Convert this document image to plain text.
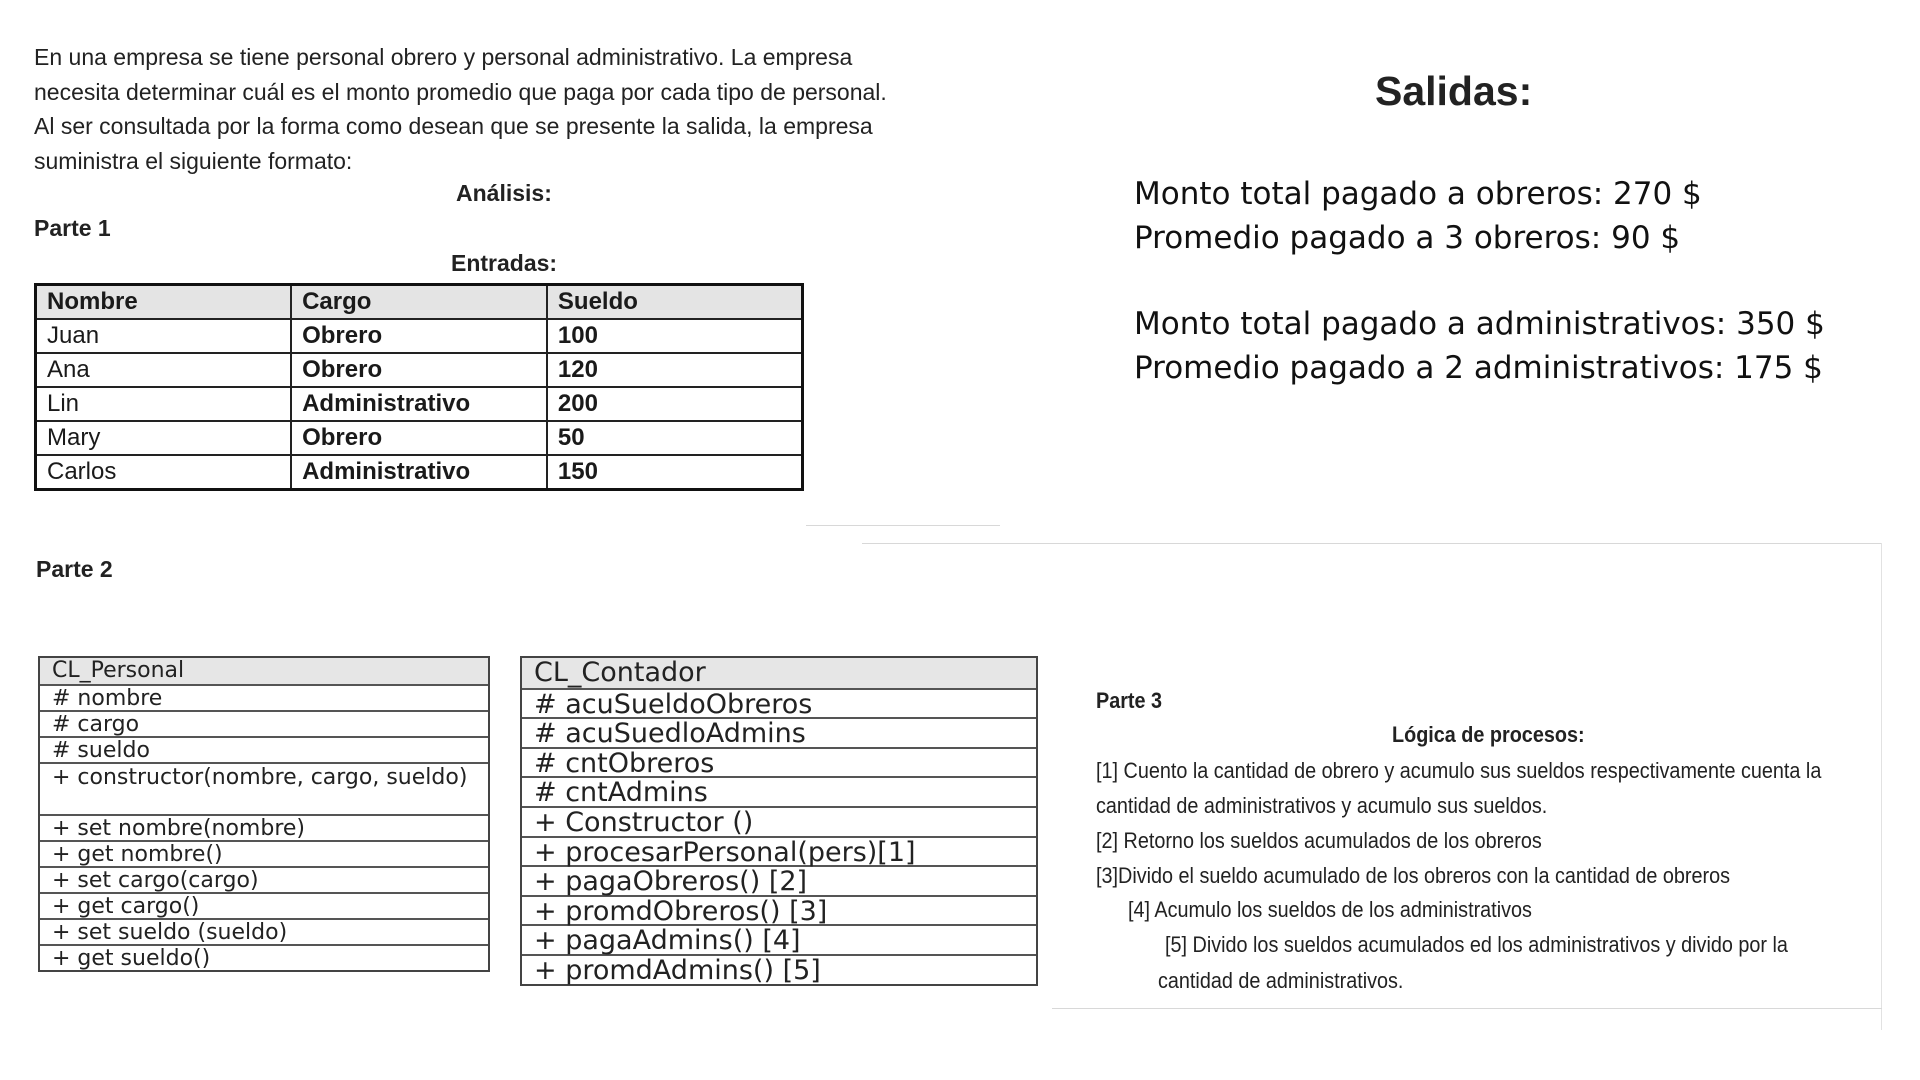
En una empresa se tiene personal obrero y personal administrativo. La empresa
necesita determinar cuál es el monto promedio que paga por cada tipo de personal.
Al ser consultada por la forma como desean que se presente la salida, la empresa
suministra el siguiente formato:
Análisis:
Parte 1
Entradas:
Nombre	Cargo	Sueldo
Juan	Obrero	100
Ana	Obrero	120
Lin	Administrativo	200
Mary	Obrero	50
Carlos	Administrativo	150
Salidas:
Monto total pagado a obreros: 270 $
Promedio pagado a 3 obreros: 90 $
Monto total pagado a administrativos: 350 $
Promedio pagado a 2 administrativos: 175 $
Parte 2
CL_Personal
# nombre
# cargo
# sueldo
+ constructor(nombre, cargo, sueldo)
+ set nombre(nombre)
+ get nombre()
+ set cargo(cargo)
+ get cargo()
+ set sueldo (sueldo)
+ get sueldo()
CL_Contador
# acuSueldoObreros
# acuSuedloAdmins
# cntObreros
# cntAdmins
+ Constructor ()
+ procesarPersonal(pers)[1]
+ pagaObreros() [2]
+ promdObreros() [3]
+ pagaAdmins() [4]
+ promdAdmins() [5]
Parte 3
Lógica de procesos:
[1] Cuento la cantidad de obrero y acumulo sus sueldos respectivamente cuenta la
cantidad de administrativos y acumulo sus sueldos.
[2] Retorno los sueldos acumulados de los obreros
[3]Divido el sueldo acumulado de los obreros con la cantidad de obreros
[4] Acumulo los sueldos de los administrativos
[5] Divido los sueldos acumulados ed los administrativos y divido por la
cantidad de administrativos.
